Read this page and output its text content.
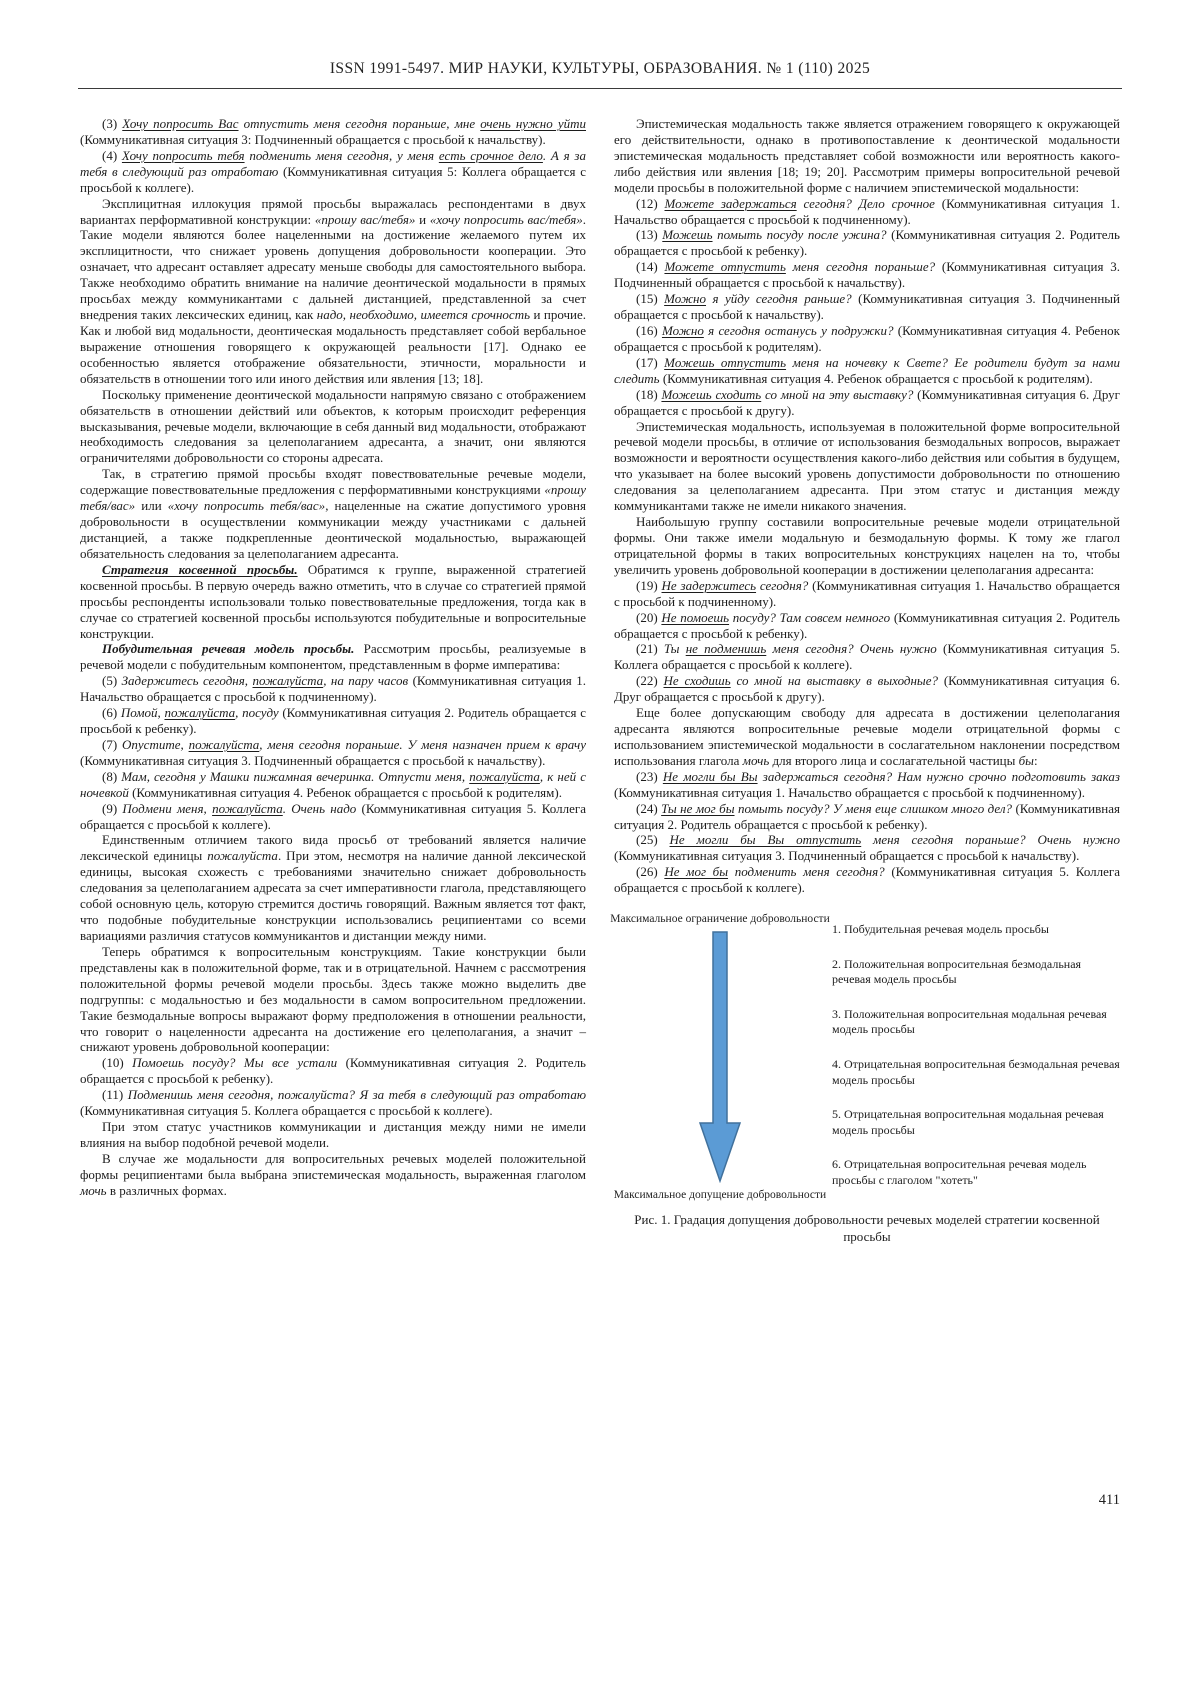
ISSN 1991-5497. МИР НАУКИ, КУЛЬТУРЫ, ОБРАЗОВАНИЯ. № 1 (110) 2025

(3) Хочу попросить Вас отпустить меня сегодня пораньше, мне очень нужно уйти (Коммуникативная ситуация 3: Подчиненный обращается с просьбой к начальству).

(4) Хочу попросить тебя подменить меня сегодня, у меня есть срочное дело. А я за тебя в следующий раз отработаю (Коммуникативная ситуация 5: Коллега обращается с просьбой к коллеге).

Эксплицитная иллокуция прямой просьбы выражалась респондентами в двух вариантах перформативной конструкции: «прошу вас/тебя» и «хочу попросить вас/тебя». Такие модели являются более нацеленными на достижение желаемого путем их эксплицитности, что снижает уровень допущения добровольности кооперации. Это означает, что адресант оставляет адресату меньше свободы для самостоятельного выбора. Также необходимо обратить внимание на наличие деонтической модальности в прямых просьбах между коммуникантами с дальней дистанцией, представленной за счет внедрения таких лексических единиц, как надо, необходимо, имеется срочность и прочие. Как и любой вид модальности, деонтическая модальность представляет собой вербальное выражение отношения говорящего к окружающей реальности [17]. Однако ее особенностью является отображение обязательности, этичности, моральности и обязательств в отношении того или иного действия или явления [13; 18].

Поскольку применение деонтической модальности напрямую связано с отображением обязательств в отношении действий или объектов, к которым происходит референция высказывания, речевые модели, включающие в себя данный вид модальности, отображают необходимость следования за целеполаганием адресанта, а значит, они являются ограничителями добровольности со стороны адресата.

Так, в стратегию прямой просьбы входят повествовательные речевые модели, содержащие повествовательные предложения с перформативными конструкциями «прошу тебя/вас» или «хочу попросить тебя/вас», нацеленные на сжатие допустимого уровня добровольности в осуществлении коммуникации между участниками с дальней дистанцией, а также подкрепленные деонтической модальностью, выражающей обязательность следования за целеполаганием адресанта.

Стратегия косвенной просьбы. Обратимся к группе, выраженной стратегией косвенной просьбы. В первую очередь важно отметить, что в случае со стратегией прямой просьбы респонденты использовали только повествовательные предложения, тогда как в случае со стратегией косвенной просьбы используются побудительные и вопросительные конструкции.

Побудительная речевая модель просьбы. Рассмотрим просьбы, реализуемые в речевой модели с побудительным компонентом, представленным в форме императива:

(5) Задержитесь сегодня, пожалуйста, на пару часов (Коммуникативная ситуация 1. Начальство обращается с просьбой к подчиненному).

(6) Помой, пожалуйста, посуду (Коммуникативная ситуация 2. Родитель обращается с просьбой к ребенку).

(7) Опустите, пожалуйста, меня сегодня пораньше. У меня назначен прием к врачу (Коммуникативная ситуация 3. Подчиненный обращается с просьбой к начальству).

(8) Мам, сегодня у Машки пижамная вечеринка. Отпусти меня, пожалуйста, к ней с ночевкой (Коммуникативная ситуация 4. Ребенок обращается с просьбой к родителям).

(9) Подмени меня, пожалуйста. Очень надо (Коммуникативная ситуация 5. Коллега обращается с просьбой к коллеге).

Единственным отличием такого вида просьб от требований является наличие лексической единицы пожалуйста. При этом, несмотря на наличие данной лексической единицы, высокая схожесть с требованиями значительно снижает добровольность следования за целеполаганием адресата за счет императивности глагола, представляющего собой основную цель, которую стремится достичь говорящий. Важным является тот факт, что подобные побудительные конструкции использовались реципиентами со всеми вариациями различия статусов коммуникантов и дистанции между ними.

Теперь обратимся к вопросительным конструкциям. Такие конструкции были представлены как в положительной форме, так и в отрицательной. Начнем с рассмотрения положительной формы речевой модели просьбы. Здесь также можно выделить две подгруппы: с модальностью и без модальности в самом вопросительном предложении. Такие безмодальные вопросы выражают форму предположения в отношении реальности, что говорит о нацеленности адресанта на достижение его целеполагания, а значит – снижают уровень добровольной кооперации:

(10) Помоешь посуду? Мы все устали (Коммуникативная ситуация 2. Родитель обращается с просьбой к ребенку).

(11) Подменишь меня сегодня, пожалуйста? Я за тебя в следующий раз отработаю (Коммуникативная ситуация 5. Коллега обращается с просьбой к коллеге).

При этом статус участников коммуникации и дистанция между ними не имели влияния на выбор подобной речевой модели.

В случае же модальности для вопросительных речевых моделей положительной формы реципиентами была выбрана эпистемическая модальность, выраженная глаголом мочь в различных формах.

Эпистемическая модальность также является отражением говорящего к окружающей его действительности, однако в противопоставление к деонтической модальности эпистемическая модальность представляет собой возможности или вероятность какого-либо действия или явления [18; 19; 20]. Рассмотрим примеры вопросительной речевой модели просьбы в положительной форме с наличием эпистемической модальности:

(12) Можете задержаться сегодня? Дело срочное (Коммуникативная ситуация 1. Начальство обращается с просьбой к подчиненному).

(13) Можешь помыть посуду после ужина? (Коммуникативная ситуация 2. Родитель обращается с просьбой к ребенку).

(14) Можете отпустить меня сегодня пораньше? (Коммуникативная ситуация 3. Подчиненный обращается с просьбой к начальству).

(15) Можно я уйду сегодня раньше? (Коммуникативная ситуация 3. Подчиненный обращается с просьбой к начальству).

(16) Можно я сегодня останусь у подружки? (Коммуникативная ситуация 4. Ребенок обращается с просьбой к родителям).

(17) Можешь отпустить меня на ночевку к Свете? Ее родители будут за нами следить (Коммуникативная ситуация 4. Ребенок обращается с просьбой к родителям).

(18) Можешь сходить со мной на эту выставку? (Коммуникативная ситуация 6. Друг обращается с просьбой к другу).

Эпистемическая модальность, используемая в положительной форме вопросительной речевой модели просьбы, в отличие от использования безмодальных вопросов, выражает возможности и вероятности осуществления какого-либо действия или события в будущем, что указывает на более высокий уровень допустимости добровольности по отношению следования за целеполаганием адресанта. При этом статус и дистанция между коммуникантами также не имели никакого значения.

Наибольшую группу составили вопросительные речевые модели отрицательной формы. Они также имели модальную и безмодальную формы. К тому же глагол отрицательной формы в таких вопросительных конструкциях нацелен на то, чтобы увеличить уровень добровольной кооперации в достижении целеполагания адресанта:

(19) Не задержитесь сегодня? (Коммуникативная ситуация 1. Начальство обращается с просьбой к подчиненному).

(20) Не помоешь посуду? Там совсем немного (Коммуникативная ситуация 2. Родитель обращается с просьбой к ребенку).

(21) Ты не подменишь меня сегодня? Очень нужно (Коммуникативная ситуация 5. Коллега обращается с просьбой к коллеге).

(22) Не сходишь со мной на выставку в выходные? (Коммуникативная ситуация 6. Друг обращается с просьбой к другу).

Еще более допускающим свободу для адресата в достижении целеполагания адресанта являются вопросительные речевые модели отрицательной формы с использованием эпистемической модальности в сослагательном наклонении посредством использования глагола мочь для второго лица и сослагательной частицы бы:

(23) Не могли бы Вы задержаться сегодня? Нам нужно срочно подготовить заказ (Коммуникативная ситуация 1. Начальство обращается с просьбой к подчиненному).

(24) Ты не мог бы помыть посуду? У меня еще слишком много дел? (Коммуникативная ситуация 2. Родитель обращается с просьбой к ребенку).

(25) Не могли бы Вы отпустить меня сегодня пораньше? Очень нужно (Коммуникативная ситуация 3. Подчиненный обращается с просьбой к начальству).

(26) Не мог бы подменить меня сегодня? (Коммуникативная ситуация 5. Коллега обращается с просьбой к коллеге).

Максимальное ограничение добровольности
Максимальное допущение добровольности
1. Побудительная речевая модель просьбы
2. Положительная вопросительная безмодальная речевая модель просьбы
3. Положительная вопросительная модальная речевая модель просьбы
4. Отрицательная вопросительная безмодальная речевая модель просьбы
5. Отрицательная вопросительная модальная речевая модель просьбы
6. Отрицательная вопросительная речевая модель просьбы с глаголом "хотеть"
Рис. 1. Градация допущения добровольности речевых моделей стратегии косвенной просьбы
411
